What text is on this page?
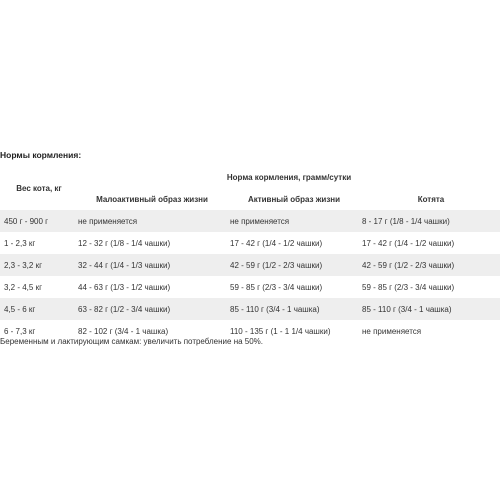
Нормы кормления:
Вес кота, кг	Норма кормления, грамм/сутки		
	Малоактивный образ жизни	Активный образ жизни	Котята
450 г - 900 г	не применяется	не применяется	8 - 17 г (1/8 - 1/4 чашки)
1 - 2,3 кг	12 - 32 г (1/8 - 1/4 чашки)	17 - 42 г (1/4 - 1/2 чашки)	17 - 42 г (1/4 - 1/2 чашки)
2,3 - 3,2 кг	32 - 44 г (1/4 - 1/3 чашки)	42 - 59 г (1/2 - 2/3 чашки)	42 - 59 г (1/2 - 2/3 чашки)
3,2 - 4,5 кг	44 - 63 г (1/3 - 1/2 чашки)	59 - 85 г (2/3 - 3/4 чашки)	59 - 85 г (2/3 - 3/4 чашки)
4,5 - 6 кг	63 - 82 г (1/2 - 3/4 чашки)	85 - 110 г (3/4 - 1 чашка)	85 - 110 г (3/4 - 1 чашка)
6 - 7,3 кг	82 - 102 г (3/4 - 1 чашка)	110 - 135 г (1 - 1 1/4 чашки)	не применяется
Беременным и лактирующим самкам: увеличить потребление на 50%.
